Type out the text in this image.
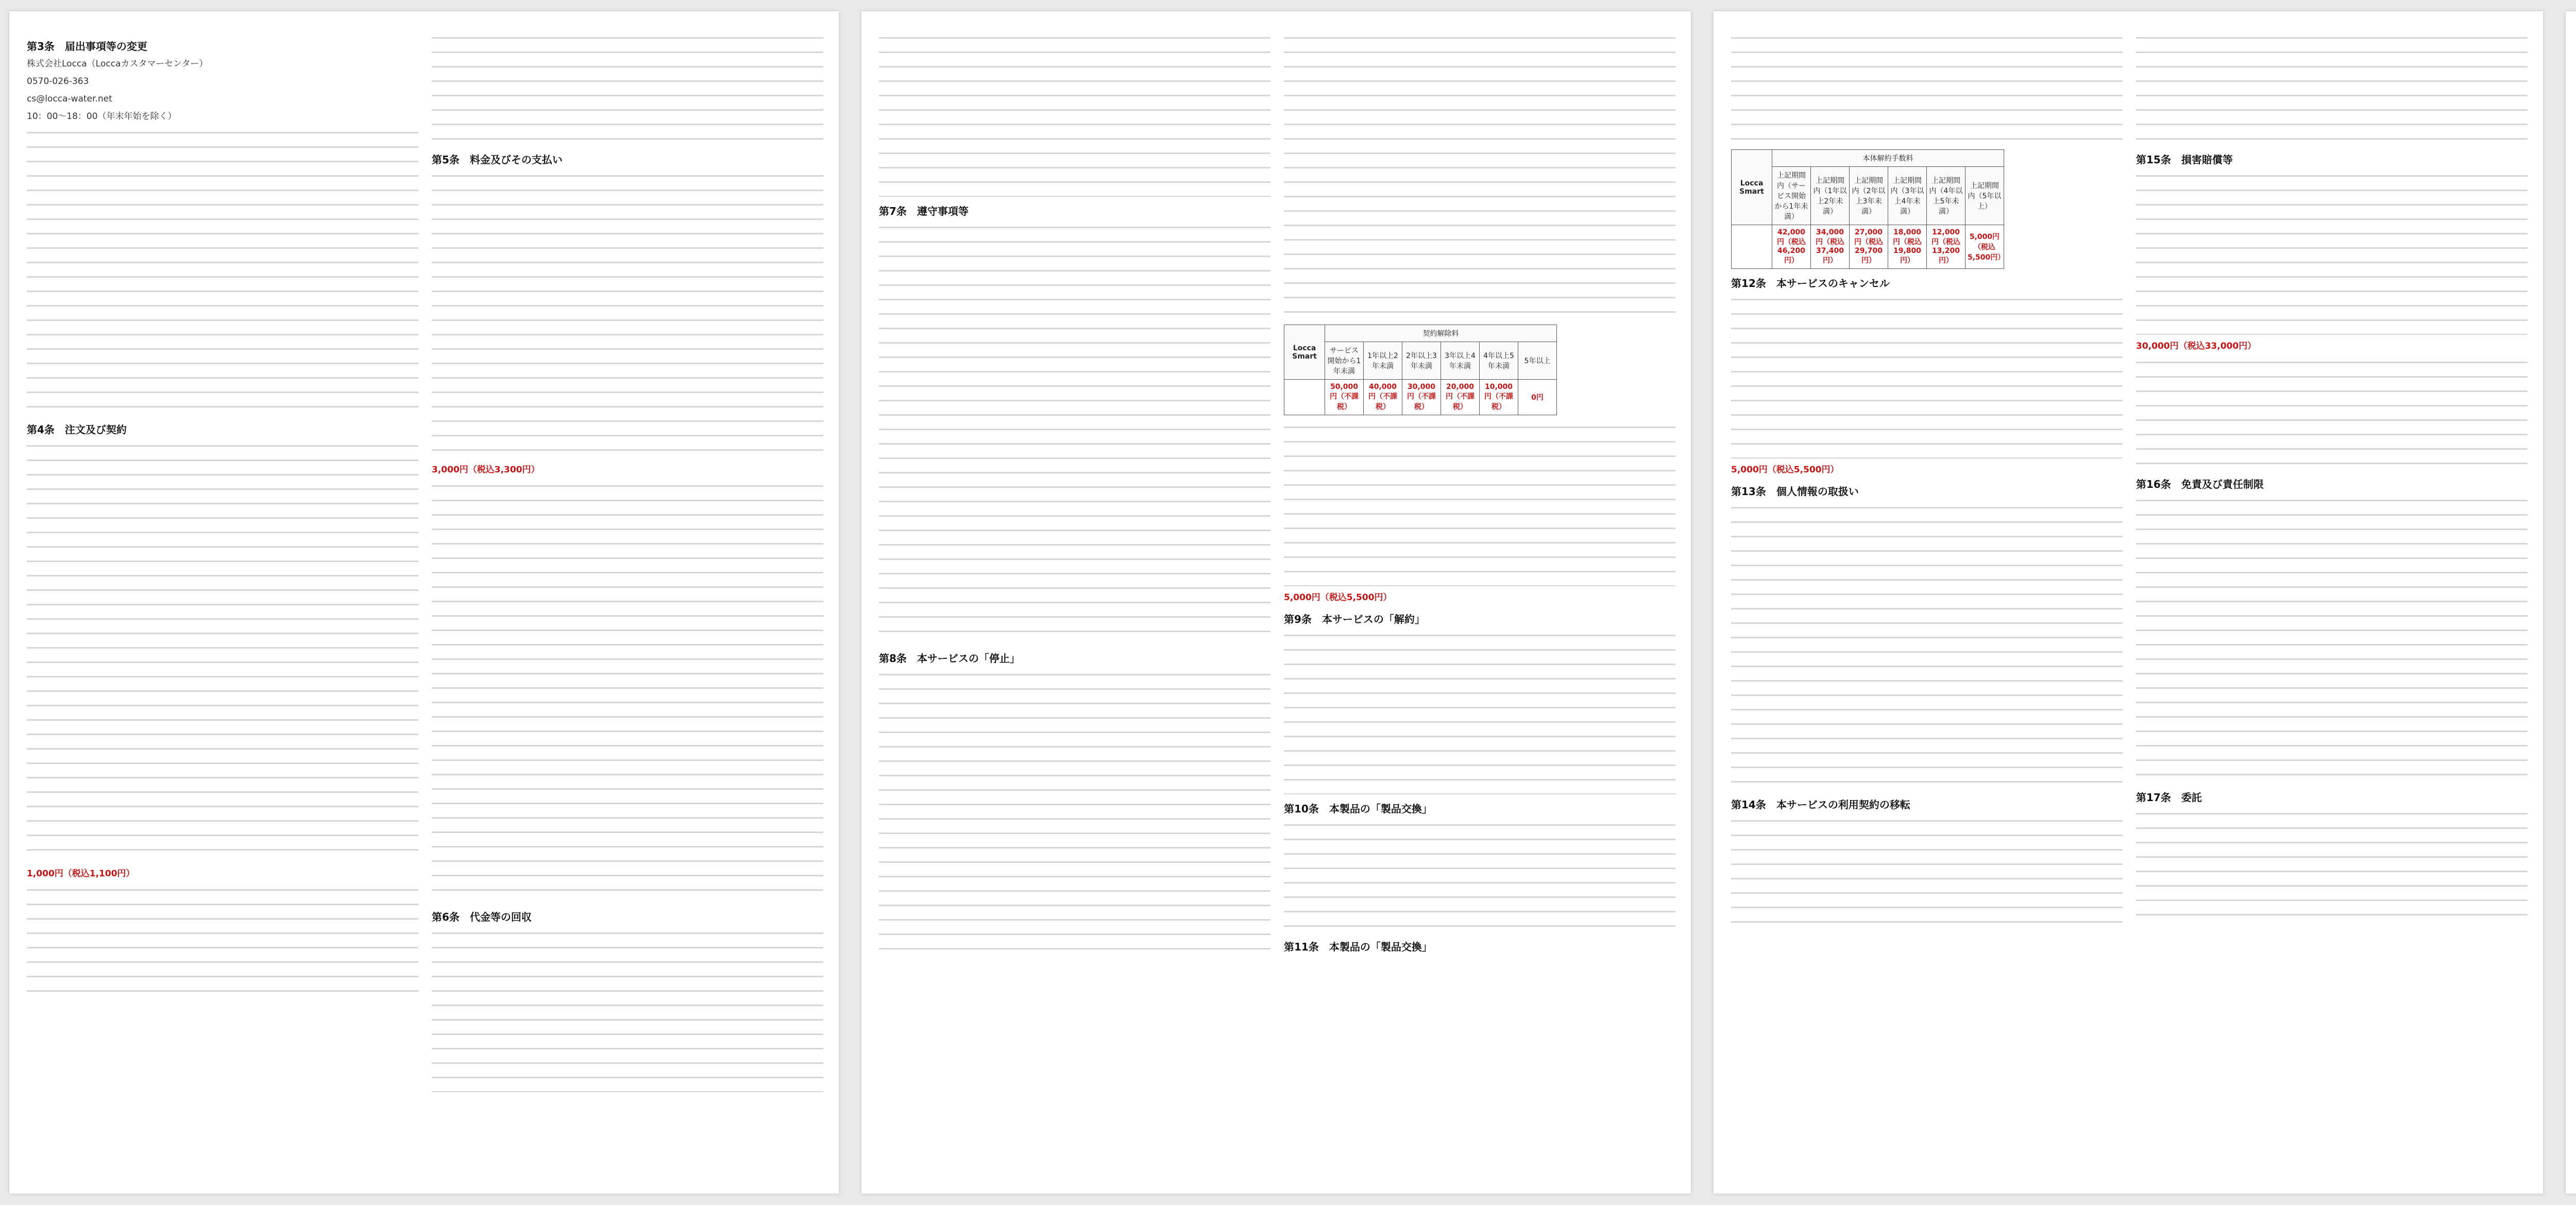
第3条　届出事項等の変更

株式会社Locca（Loccaカスタマーセンター）

0570-026-363

cs@locca-water.net

10：00～18：00（年末年始を除く）

第4条　注文及び契約

1,000円（税込1,100円）

第5条　料金及びその支払い

3,000円（税込3,300円）

第6条　代金等の回収

第7条　遵守事項等

第8条　本サービスの「停止」

Locca Smart	契約解除料					
	サービス開始から1年未満	1年以上2年未満	2年以上3年未満	3年以上4年未満	4年以上5年未満	5年以上
	50,000円（不課税）	40,000円（不課税）	30,000円（不課税）	20,000円（不課税）	10,000円（不課税）	0円

5,000円（税込5,500円）

第9条　本サービスの「解約」

第10条　本製品の「製品交換」

第11条　本製品の「製品交換」

Locca Smart	本体解約手数料					
	上記期間内（サービス開始から1年未満）	上記期間内（1年以上2年未満）	上記期間内（2年以上3年未満）	上記期間内（3年以上4年未満）	上記期間内（4年以上5年未満）	上記期間内（5年以上）
	42,000円（税込46,200円）	34,000円（税込37,400円）	27,000円（税込29,700円）	18,000円（税込19,800円）	12,000円（税込13,200円）	5,000円（税込5,500円）

第12条　本サービスのキャンセル

5,000円（税込5,500円）

第13条　個人情報の取扱い

第14条　本サービスの利用契約の移転

第15条　損害賠償等

30,000円（税込33,000円）

第16条　免責及び責任制限

第17条　委託
